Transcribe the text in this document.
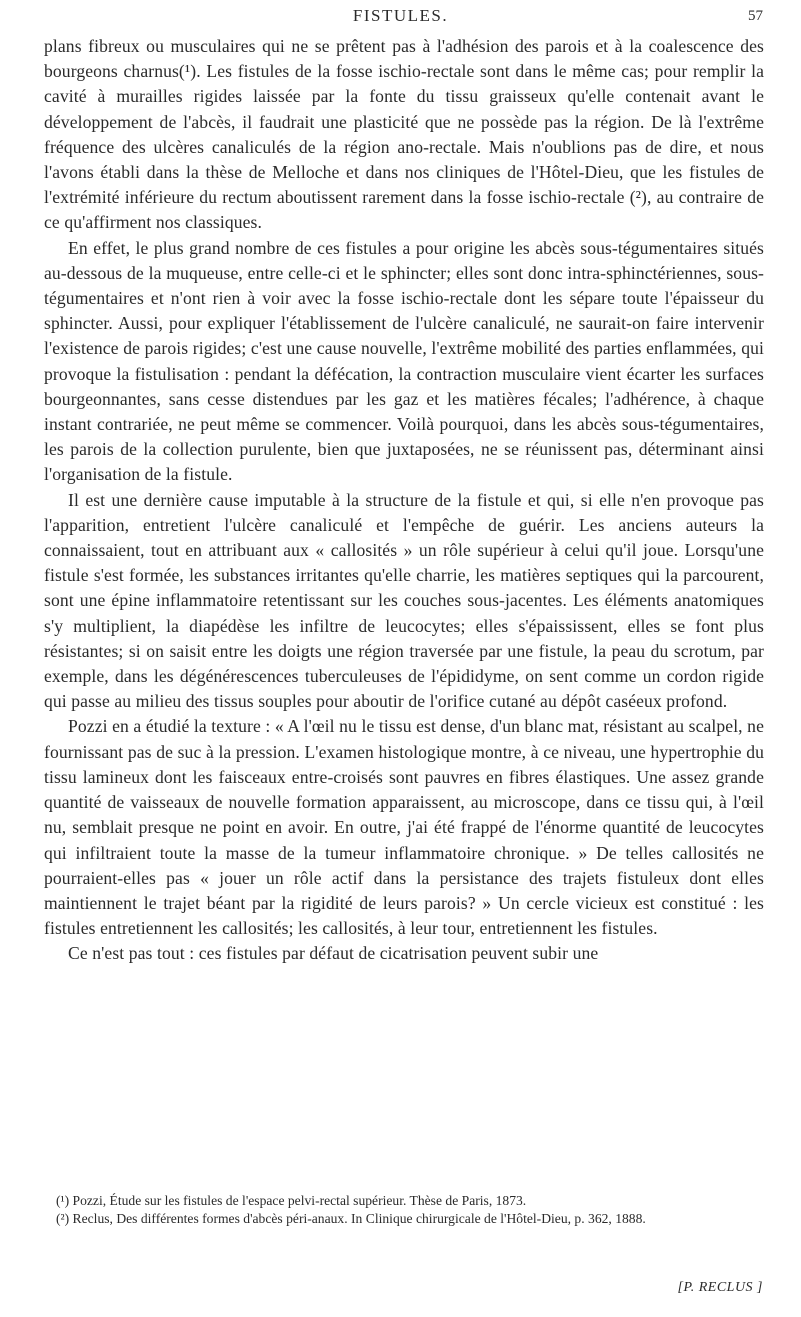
FISTULES.	57

plans fibreux ou musculaires qui ne se prêtent pas à l'adhésion des parois et à la coalescence des bourgeons charnus(¹). Les fistules de la fosse ischio-rectale sont dans le même cas; pour remplir la cavité à murailles rigides laissée par la fonte du tissu graisseux qu'elle contenait avant le développement de l'abcès, il faudrait une plasticité que ne possède pas la région. De là l'extrême fréquence des ulcères canaliculés de la région ano-rectale. Mais n'oublions pas de dire, et nous l'avons établi dans la thèse de Melloche et dans nos cliniques de l'Hôtel-Dieu, que les fistules de l'extrémité inférieure du rectum aboutissent rarement dans la fosse ischio-rectale (²), au contraire de ce qu'affirment nos classiques.

En effet, le plus grand nombre de ces fistules a pour origine les abcès sous-tégumentaires situés au-dessous de la muqueuse, entre celle-ci et le sphincter; elles sont donc intra-sphinctériennes, sous-tégumentaires et n'ont rien à voir avec la fosse ischio-rectale dont les sépare toute l'épaisseur du sphincter. Aussi, pour expliquer l'établissement de l'ulcère canaliculé, ne saurait-on faire intervenir l'existence de parois rigides; c'est une cause nouvelle, l'extrême mobilité des parties enflammées, qui provoque la fistulisation : pendant la défécation, la contraction musculaire vient écarter les surfaces bourgeonnantes, sans cesse distendues par les gaz et les matières fécales; l'adhérence, à chaque instant contrariée, ne peut même se commencer. Voilà pourquoi, dans les abcès sous-tégumentaires, les parois de la collection purulente, bien que juxtaposées, ne se réunissent pas, déterminant ainsi l'organisation de la fistule.

Il est une dernière cause imputable à la structure de la fistule et qui, si elle n'en provoque pas l'apparition, entretient l'ulcère canaliculé et l'empêche de guérir. Les anciens auteurs la connaissaient, tout en attribuant aux « callosités » un rôle supérieur à celui qu'il joue. Lorsqu'une fistule s'est formée, les substances irritantes qu'elle charrie, les matières septiques qui la parcourent, sont une épine inflammatoire retentissant sur les couches sous-jacentes. Les éléments anatomiques s'y multiplient, la diapédèse les infiltre de leucocytes; elles s'épaississent, elles se font plus résistantes; si on saisit entre les doigts une région traversée par une fistule, la peau du scrotum, par exemple, dans les dégénérescences tuberculeuses de l'épididyme, on sent comme un cordon rigide qui passe au milieu des tissus souples pour aboutir de l'orifice cutané au dépôt caséeux profond.

Pozzi en a étudié la texture : « A l'œil nu le tissu est dense, d'un blanc mat, résistant au scalpel, ne fournissant pas de suc à la pression. L'examen histologique montre, à ce niveau, une hypertrophie du tissu lamineux dont les faisceaux entre-croisés sont pauvres en fibres élastiques. Une assez grande quantité de vaisseaux de nouvelle formation apparaissent, au microscope, dans ce tissu qui, à l'œil nu, semblait presque ne point en avoir. En outre, j'ai été frappé de l'énorme quantité de leucocytes qui infiltraient toute la masse de la tumeur inflammatoire chronique. » De telles callosités ne pourraient-elles pas « jouer un rôle actif dans la persistance des trajets fistuleux dont elles maintiennent le trajet béant par la rigidité de leurs parois? » Un cercle vicieux est constitué : les fistules entretiennent les callosités; les callosités, à leur tour, entretiennent les fistules.

Ce n'est pas tout : ces fistules par défaut de cicatrisation peuvent subir une

(¹) Pozzi, Étude sur les fistules de l'espace pelvi-rectal supérieur. Thèse de Paris, 1873.

(²) Reclus, Des différentes formes d'abcès péri-anaux. In Clinique chirurgicale de l'Hôtel-Dieu, p. 362, 1888.

[P. RECLUS ]
